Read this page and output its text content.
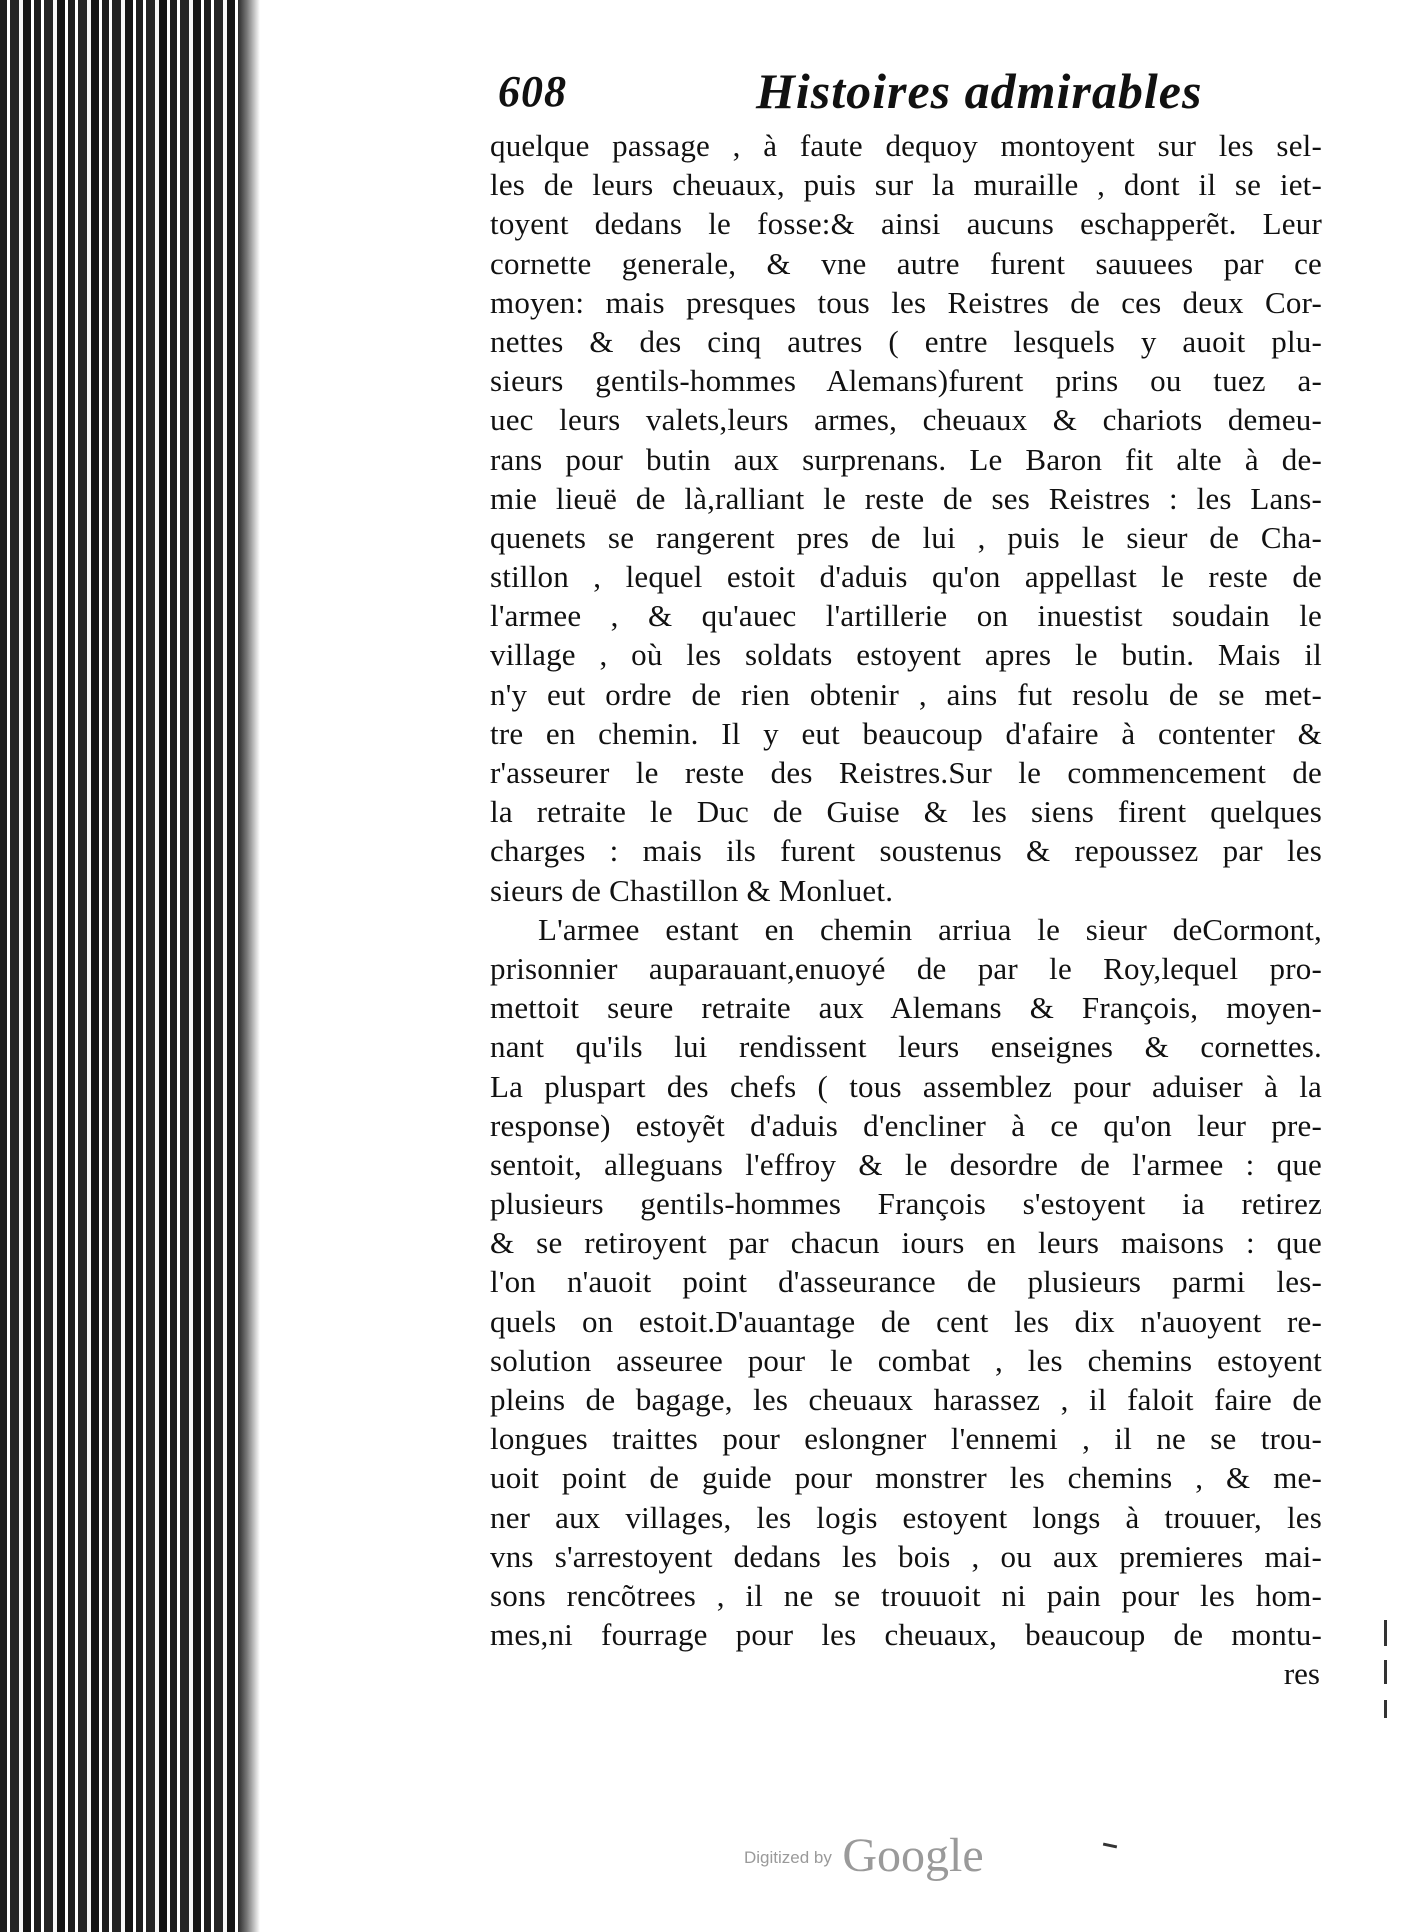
608	Histoires admirables
quelque passage , à faute dequoy montoyent sur les sel-
les de leurs cheuaux, puis sur la muraille , dont il se iet-
toyent dedans le fosse:& ainsi aucuns eschapperẽt. Leur
cornette generale, & vne autre furent sauuees par ce
moyen: mais presques tous les Reistres de ces deux Cor-
nettes & des cinq autres ( entre lesquels y auoit plu-
sieurs gentils-hommes Alemans)furent prins ou tuez a-
uec leurs valets,leurs armes, cheuaux & chariots demeu-
rans pour butin aux surprenans. Le Baron fit alte à de-
mie lieuë de là,ralliant le reste de ses Reistres : les Lans-
quenets se rangerent pres de lui , puis le sieur de Cha-
stillon , lequel estoit d'aduis qu'on appellast le reste de
l'armee , & qu'auec l'artillerie on inuestist soudain le
village , où les soldats estoyent apres le butin. Mais il
n'y eut ordre de rien obtenir , ains fut resolu de se met-
tre en chemin. Il y eut beaucoup d'afaire à contenter &
r'asseurer le reste des Reistres.Sur le commencement de
la retraite le Duc de Guise & les siens firent quelques
charges : mais ils furent soustenus & repoussez par les
sieurs de Chastillon & Monluet.
L'armee estant en chemin arriua le sieur deCormont,
prisonnier auparauant,enuoyé de par le Roy,lequel pro-
mettoit seure retraite aux Alemans & François, moyen-
nant qu'ils lui rendissent leurs enseignes & cornettes.
La pluspart des chefs ( tous assemblez pour aduiser à la
response) estoyẽt d'aduis d'encliner à ce qu'on leur pre-
sentoit, alleguans l'effroy & le desordre de l'armee : que
plusieurs gentils-hommes François s'estoyent ia retirez
& se retiroyent par chacun iours en leurs maisons : que
l'on n'auoit point d'asseurance de plusieurs parmi les-
quels on estoit.D'auantage de cent les dix n'auoyent re-
solution asseuree pour le combat , les chemins estoyent
pleins de bagage, les cheuaux harassez , il faloit faire de
longues traittes pour eslongner l'ennemi , il ne se trou-
uoit point de guide pour monstrer les chemins , & me-
ner aux villages, les logis estoyent longs à trouuer, les
vns s'arrestoyent dedans les bois , ou aux premieres mai-
sons rencõtrees , il ne se trouuoit ni pain pour les hom-
mes,ni fourrage pour les cheuaux, beaucoup de montu-
res
Digitized by Google
